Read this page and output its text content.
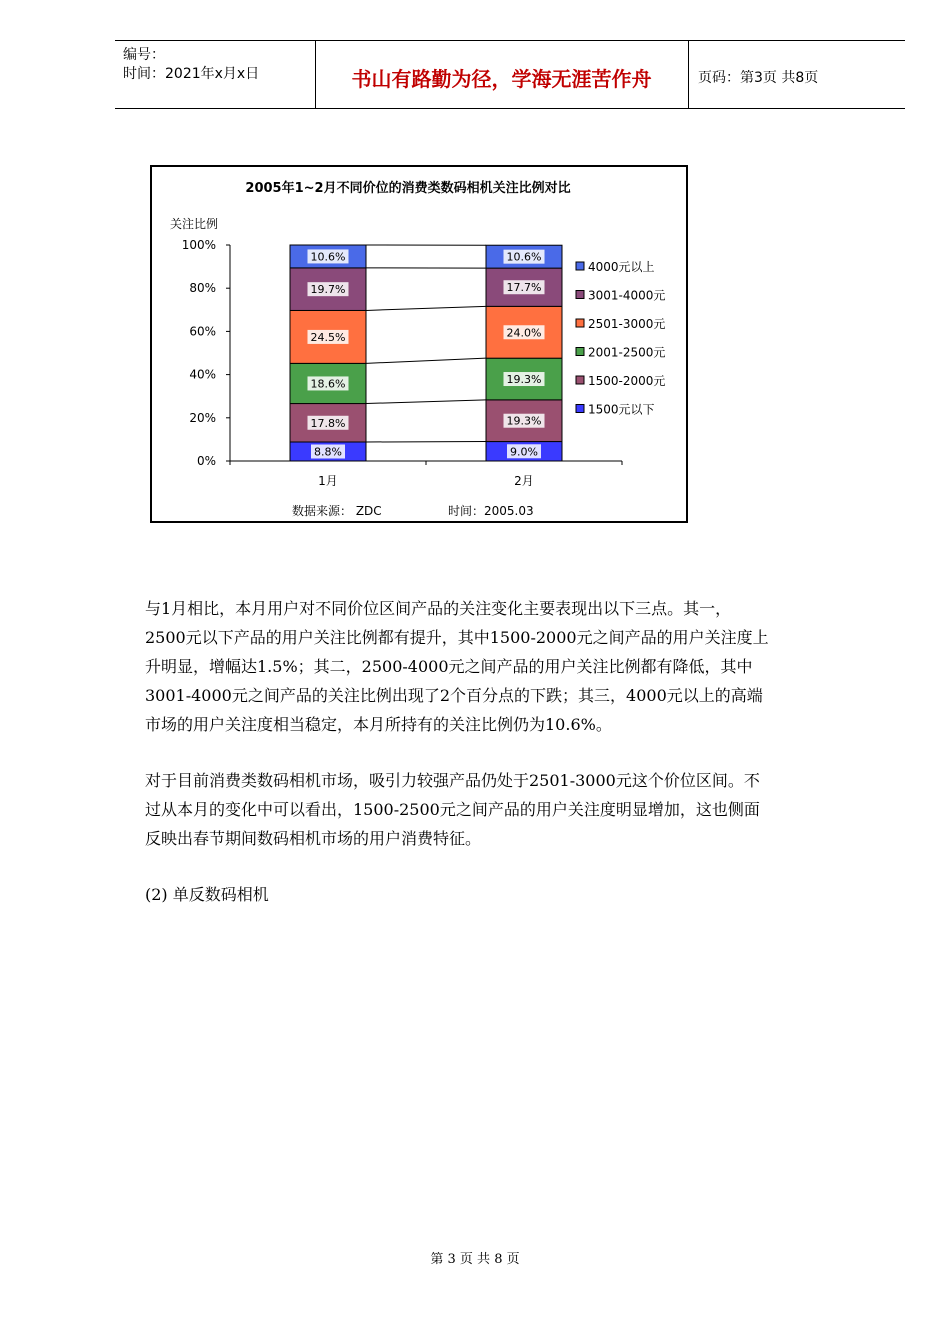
编号：
时间：2021年x月x日	书山有路勤为径，学海无涯苦作舟	页码：第3页 共8页
2005年1~2月不同价位的消费类数码相机关注比例对比
关注比例
0%
20%
40%
60%
80%
100%
8.8%	9.0%
17.8%	19.3%
18.6%	19.3%
24.5%	24.0%
19.7%	17.7%
10.6%	10.6%
1月	2月
4000元以上
3001-4000元
2501-3000元
2001-2500元
1500-2000元
1500元以下
数据来源： ZDC	时间：2005.03
与1月相比，本月用户对不同价位区间产品的关注变化主要表现出以下三点。其一，
2500元以下产品的用户关注比例都有提升，其中1500-2000元之间产品的用户关注度上
升明显，增幅达1.5%；其二，2500-4000元之间产品的用户关注比例都有降低，其中
3001-4000元之间产品的关注比例出现了2个百分点的下跌；其三，4000元以上的高端
市场的用户关注度相当稳定，本月所持有的关注比例仍为10.6%。
对于目前消费类数码相机市场，吸引力较强产品仍处于2501-3000元这个价位区间。不
过从本月的变化中可以看出，1500-2500元之间产品的用户关注度明显增加，这也侧面
反映出春节期间数码相机市场的用户消费特征。
(2) 单反数码相机
第 3 页 共 8 页
